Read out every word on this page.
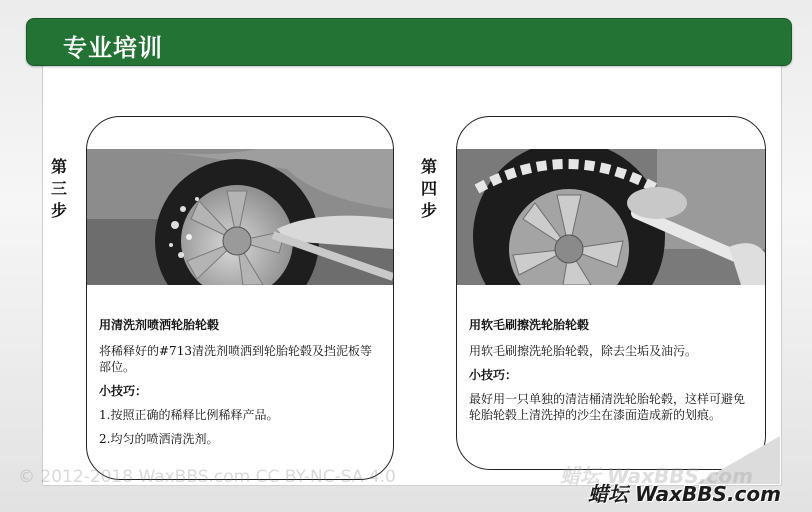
专业培训
第
三
步

用清洗剂喷洒轮胎轮毂

将稀释好的#713清洗剂喷洒到轮胎轮毂及挡泥板等部位。

小技巧：

1.按照正确的稀释比例稀释产品。

2.均匀的喷洒清洗剂。

第
四
步

用软毛刷擦洗轮胎轮毂

用软毛刷擦洗轮胎轮毂，除去尘垢及油污。

小技巧：

最好用一只单独的清洁桶清洗轮胎轮毂，这样可避免轮胎轮毂上清洗掉的沙尘在漆面造成新的划痕。

© 2012-2018 WaxBBS.com CC BY-NC-SA 4.0	蜡坛 WaxBBS.com
蜡坛 WaxBBS.com
